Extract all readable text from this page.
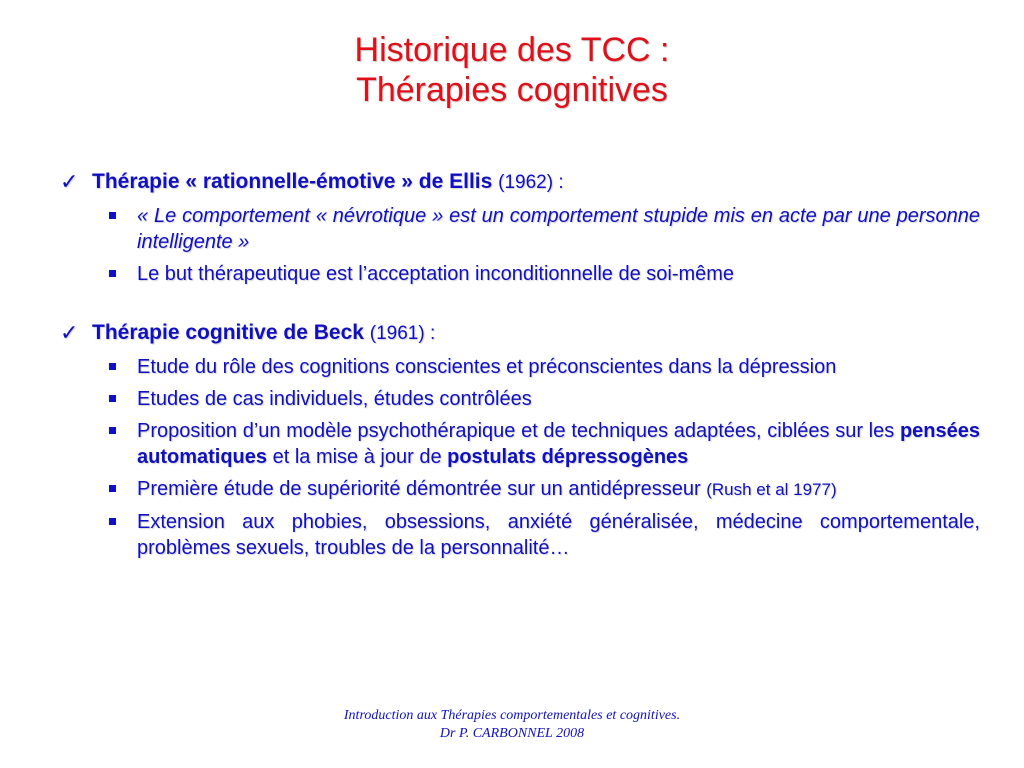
Historique des TCC :
Thérapies cognitives
✓ Thérapie « rationnelle-émotive » de Ellis (1962) :
« Le comportement « névrotique » est un comportement stupide mis en acte par une personne intelligente »
Le but thérapeutique est l’acceptation inconditionnelle de soi-même
✓ Thérapie cognitive de Beck (1961) :
Etude du rôle des cognitions conscientes et préconscientes dans la dépression
Etudes de cas individuels, études contrôlées
Proposition d’un modèle psychothérapique et de techniques adaptées, ciblées sur les pensées automatiques et la mise à jour de postulats dépressogènes
Première étude de supériorité démontrée sur un antidépresseur (Rush et al 1977)
Extension aux phobies, obsessions, anxiété généralisée, médecine comportementale, problèmes sexuels, troubles de la personnalité…
Introduction aux Thérapies comportementales et cognitives.
Dr P. CARBONNEL 2008
